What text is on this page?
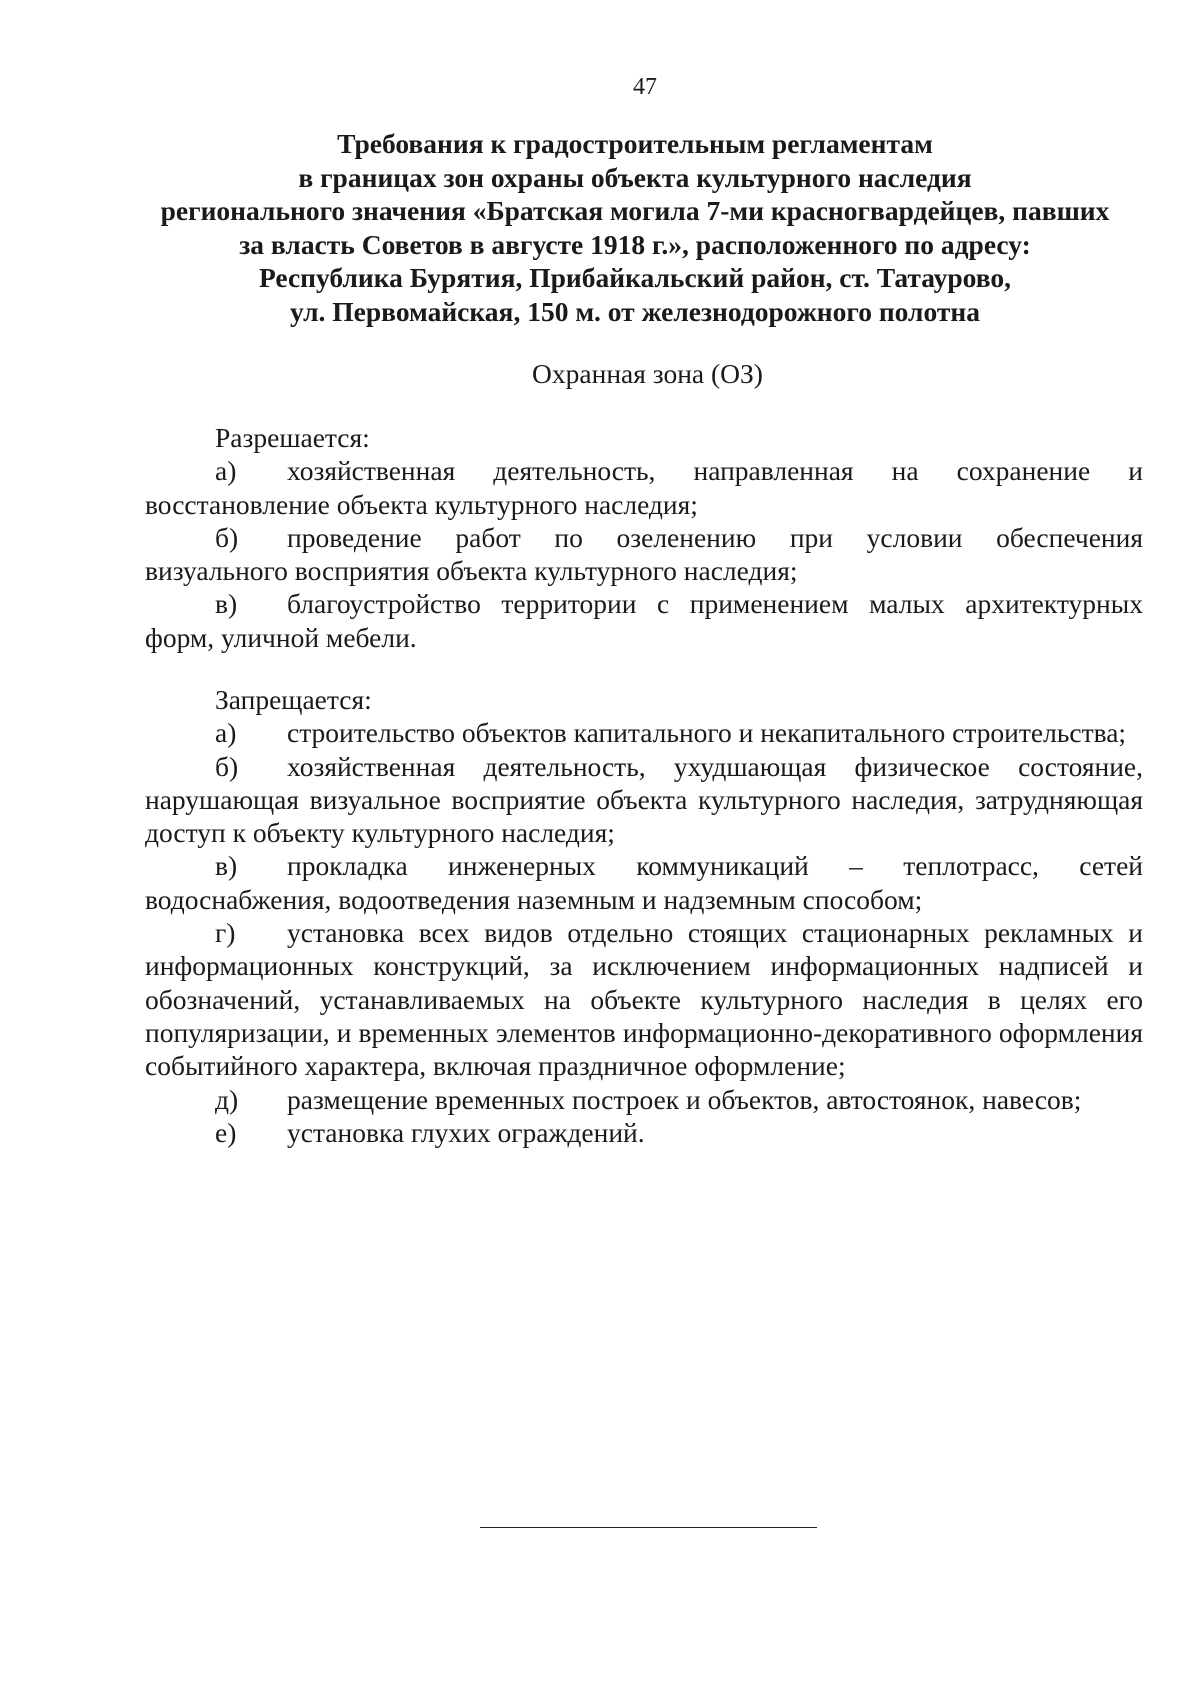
47
Требования к градостроительным регламентам
в границах зон охраны объекта культурного наследия
регионального значения «Братская могила 7-ми красногвардейцев, павших
за власть Советов в августе 1918 г.», расположенного по адресу:
Республика Бурятия, Прибайкальский район, ст. Татаурово,
ул. Первомайская, 150 м. от железнодорожного полотна
Охранная зона (ОЗ)
Разрешается:
а)	хозяйственная деятельность, направленная на сохранение и
восстановление объекта культурного наследия;
б)	проведение работ по озеленению при условии обеспечения
визуального восприятия объекта культурного наследия;
в)	благоустройство территории с применением малых архитектурных
форм, уличной мебели.
Запрещается:
а)	строительство объектов капитального и некапитального строительства;
б)	хозяйственная деятельность, ухудшающая физическое состояние,
нарушающая визуальное восприятие объекта культурного наследия, затрудняющая доступ к объекту культурного наследия;
в)	прокладка инженерных коммуникаций – теплотрасс, сетей
водоснабжения, водоотведения наземным и надземным способом;
г)	установка всех видов отдельно стоящих стационарных рекламных и
информационных конструкций, за исключением информационных надписей и обозначений, устанавливаемых на объекте культурного наследия в целях его популяризации, и временных элементов информационно-декоративного оформления событийного характера, включая праздничное оформление;
д)	размещение временных построек и объектов, автостоянок, навесов;
е)	установка глухих ограждений.
